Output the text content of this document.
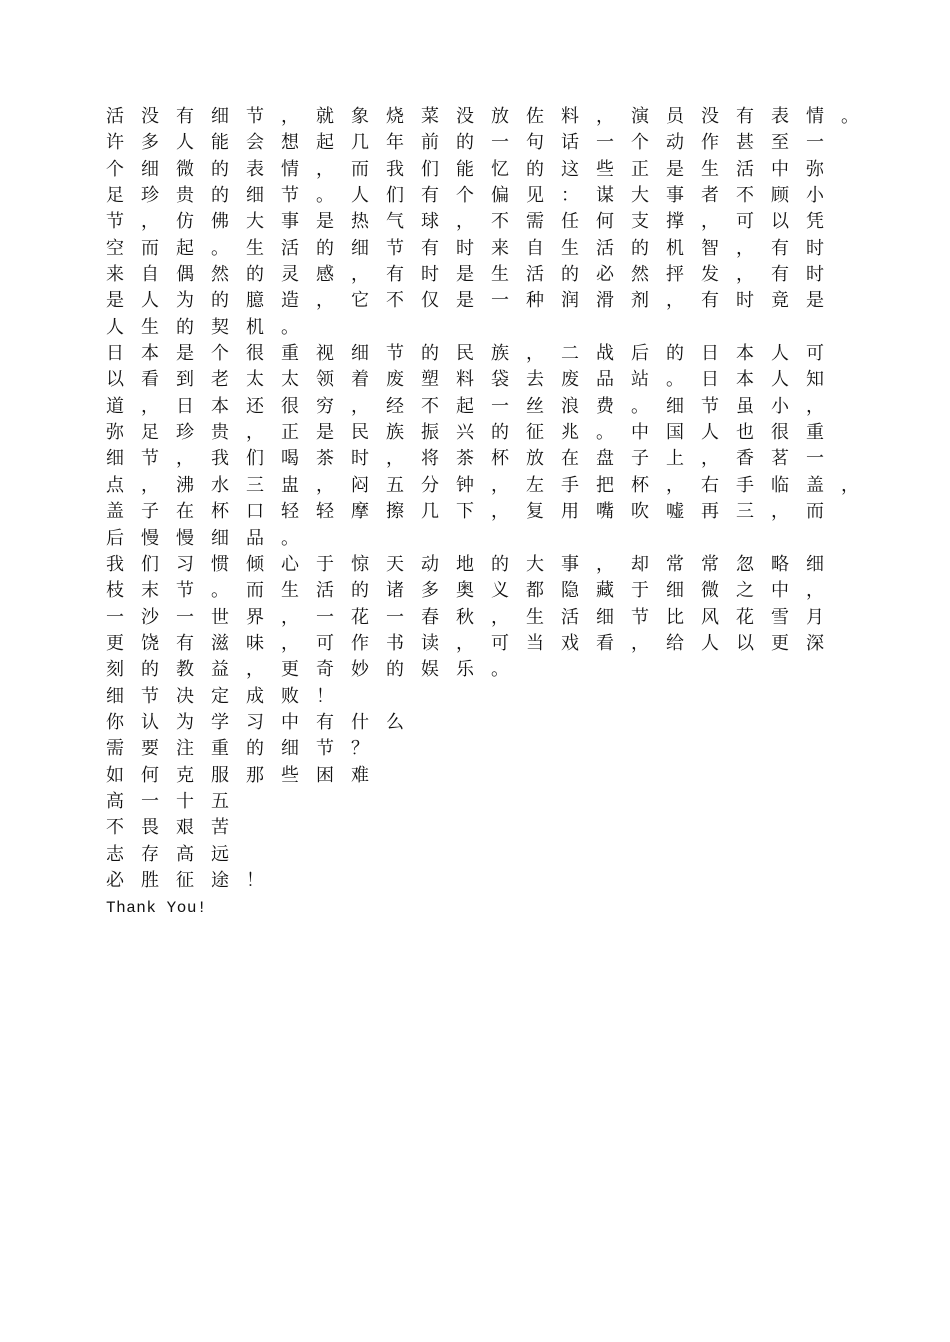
活 没 有 细 节 ， 就 象 烧 菜 没 放 佐 料 ， 演 员 没 有 表 情 。
许 多 人 能 会 想 起 几 年 前 的 一 句 话 一 个 动 作 甚 至 一
个 细 微 的 表 情 ， 而 我 们 能 忆 的 这 些 正 是 生 活 中 弥
足 珍 贵 的 细 节 。 人 们 有 个 偏 见 ： 谋 大 事 者 不 顾 小
节 ， 仿 佛 大 事 是 热 气 球 ， 不 需 任 何 支 撑 ， 可 以 凭
空 而 起 。 生 活 的 细 节 有 时 来 自 生 活 的 机 智 ， 有 时
来 自 偶 然 的 灵 感 ， 有 时 是 生 活 的 必 然 抨 发 ， 有 时
是 人 为 的 臆 造 ， 它 不 仅 是 一 种 润 滑 剂 ， 有 时 竟 是
人 生 的 契 机 。
日 本 是 个 很 重 视 细 节 的 民 族 ， 二 战 后 的 日 本 人 可
以 看 到 老 太 太 领 着 废 塑 料 袋 去 废 品 站 。 日 本 人 知
道 ， 日 本 还 很 穷 ， 经 不 起 一 丝 浪 费 。 细 节 虽 小 ，
弥 足 珍 贵 ， 正 是 民 族 振 兴 的 征 兆 。 中 国 人 也 很 重
细 节 ， 我 们 喝 茶 时 ， 将 茶 杯 放 在 盘 子 上 ， 香 茗 一
点 ， 沸 水 三 盅 ， 闷 五 分 钟 ， 左 手 把 杯 ， 右 手 临 盖 ，
盖 子 在 杯 口 轻 轻 摩 擦 几 下 ， 复 用 嘴 吹 嘘 再 三 ， 而
后 慢 慢 细 品 。
我 们 习 惯 倾 心 于 惊 天 动 地 的 大 事 ， 却 常 常 忽 略 细
枝 末 节 。 而 生 活 的 诸 多 奥 义 都 隐 藏 于 细 微 之 中 ，
一 沙 一 世 界 ， 一 花 一 春 秋 ， 生 活 细 节 比 风 花 雪 月
更 饶 有 滋 味 ， 可 作 书 读 ， 可 当 戏 看 ， 给 人 以 更 深
刻 的 教 益 ， 更 奇 妙 的 娱 乐 。
细 节 决 定 成 败 ！
你 认 为 学 习 中 有 什 么
需 要 注 重 的 细 节 ？
如 何 克 服 那 些 困 难
高 一 十 五
不 畏 艰 苦
志 存 高 远
必 胜 征 途 ！
Thank You!
